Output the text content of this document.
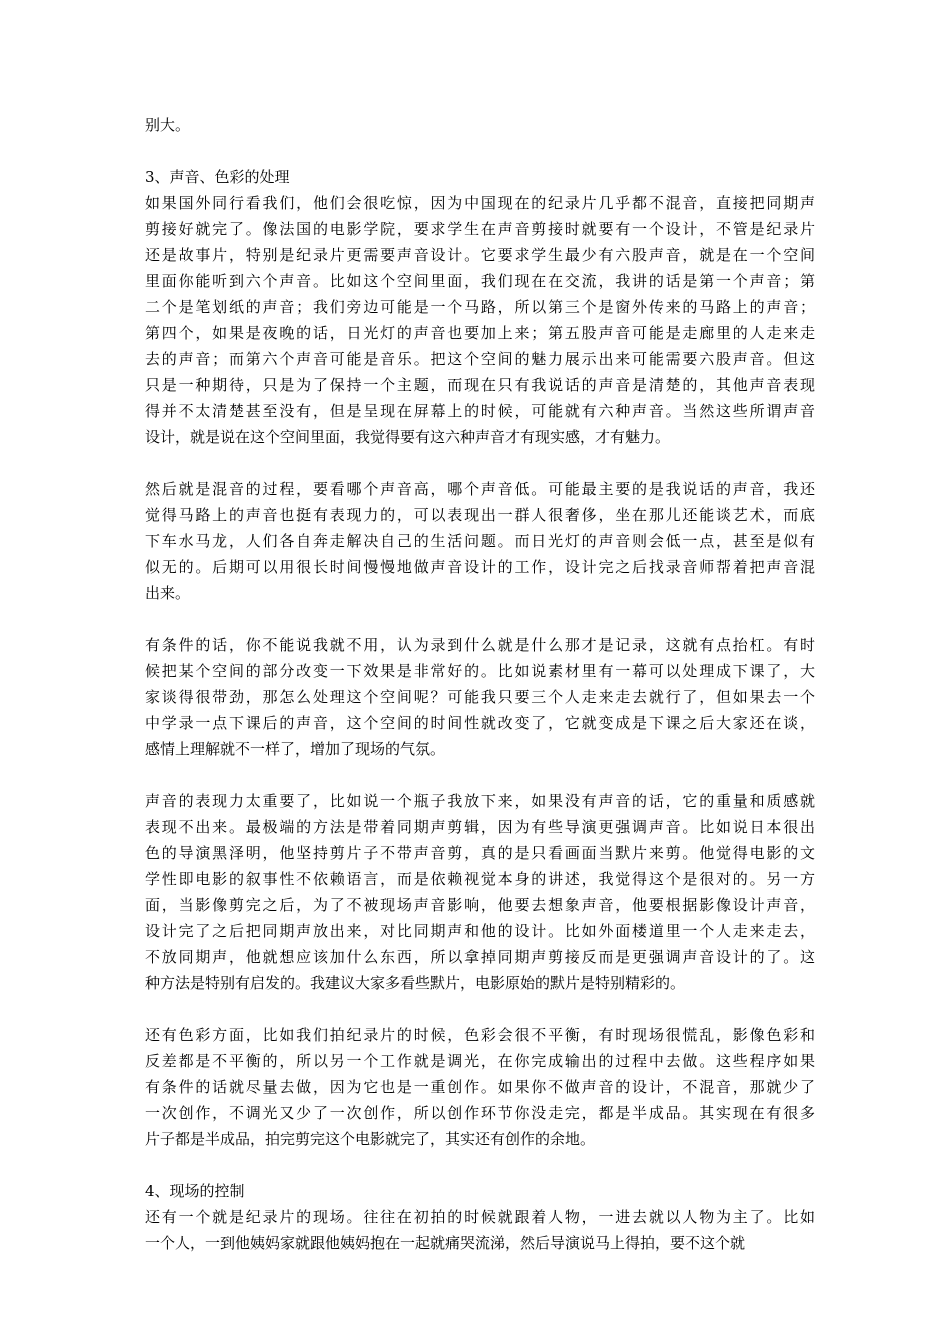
别大。
3、声音、色彩的处理
如果国外同行看我们，他们会很吃惊，因为中国现在的纪录片几乎都不混音，直接把同期声
剪接好就完了。像法国的电影学院，要求学生在声音剪接时就要有一个设计，不管是纪录片
还是故事片，特别是纪录片更需要声音设计。它要求学生最少有六股声音，就是在一个空间
里面你能听到六个声音。比如这个空间里面，我们现在在交流，我讲的话是第一个声音；第
二个是笔划纸的声音；我们旁边可能是一个马路，所以第三个是窗外传来的马路上的声音；
第四个，如果是夜晚的话，日光灯的声音也要加上来；第五股声音可能是走廊里的人走来走
去的声音；而第六个声音可能是音乐。把这个空间的魅力展示出来可能需要六股声音。但这
只是一种期待，只是为了保持一个主题，而现在只有我说话的声音是清楚的，其他声音表现
得并不太清楚甚至没有，但是呈现在屏幕上的时候，可能就有六种声音。当然这些所谓声音
设计，就是说在这个空间里面，我觉得要有这六种声音才有现实感，才有魅力。
然后就是混音的过程，要看哪个声音高，哪个声音低。可能最主要的是我说话的声音，我还
觉得马路上的声音也挺有表现力的，可以表现出一群人很奢侈，坐在那儿还能谈艺术，而底
下车水马龙，人们各自奔走解决自己的生活问题。而日光灯的声音则会低一点，甚至是似有
似无的。后期可以用很长时间慢慢地做声音设计的工作，设计完之后找录音师帮着把声音混
出来。
有条件的话，你不能说我就不用，认为录到什么就是什么那才是记录，这就有点抬杠。有时
候把某个空间的部分改变一下效果是非常好的。比如说素材里有一幕可以处理成下课了，大
家谈得很带劲，那怎么处理这个空间呢？可能我只要三个人走来走去就行了，但如果去一个
中学录一点下课后的声音，这个空间的时间性就改变了，它就变成是下课之后大家还在谈，
感情上理解就不一样了，增加了现场的气氛。
声音的表现力太重要了，比如说一个瓶子我放下来，如果没有声音的话，它的重量和质感就
表现不出来。最极端的方法是带着同期声剪辑，因为有些导演更强调声音。比如说日本很出
色的导演黑泽明，他坚持剪片子不带声音剪，真的是只看画面当默片来剪。他觉得电影的文
学性即电影的叙事性不依赖语言，而是依赖视觉本身的讲述，我觉得这个是很对的。另一方
面，当影像剪完之后，为了不被现场声音影响，他要去想象声音，他要根据影像设计声音，
设计完了之后把同期声放出来，对比同期声和他的设计。比如外面楼道里一个人走来走去，
不放同期声，他就想应该加什么东西，所以拿掉同期声剪接反而是更强调声音设计的了。这
种方法是特别有启发的。我建议大家多看些默片，电影原始的默片是特别精彩的。
还有色彩方面，比如我们拍纪录片的时候，色彩会很不平衡，有时现场很慌乱，影像色彩和
反差都是不平衡的，所以另一个工作就是调光，在你完成输出的过程中去做。这些程序如果
有条件的话就尽量去做，因为它也是一重创作。如果你不做声音的设计，不混音，那就少了
一次创作，不调光又少了一次创作，所以创作环节你没走完，都是半成品。其实现在有很多
片子都是半成品，拍完剪完这个电影就完了，其实还有创作的余地。
4、现场的控制
还有一个就是纪录片的现场。往往在初拍的时候就跟着人物，一进去就以人物为主了。比如
一个人，一到他姨妈家就跟他姨妈抱在一起就痛哭流涕，然后导演说马上得拍，要不这个就
